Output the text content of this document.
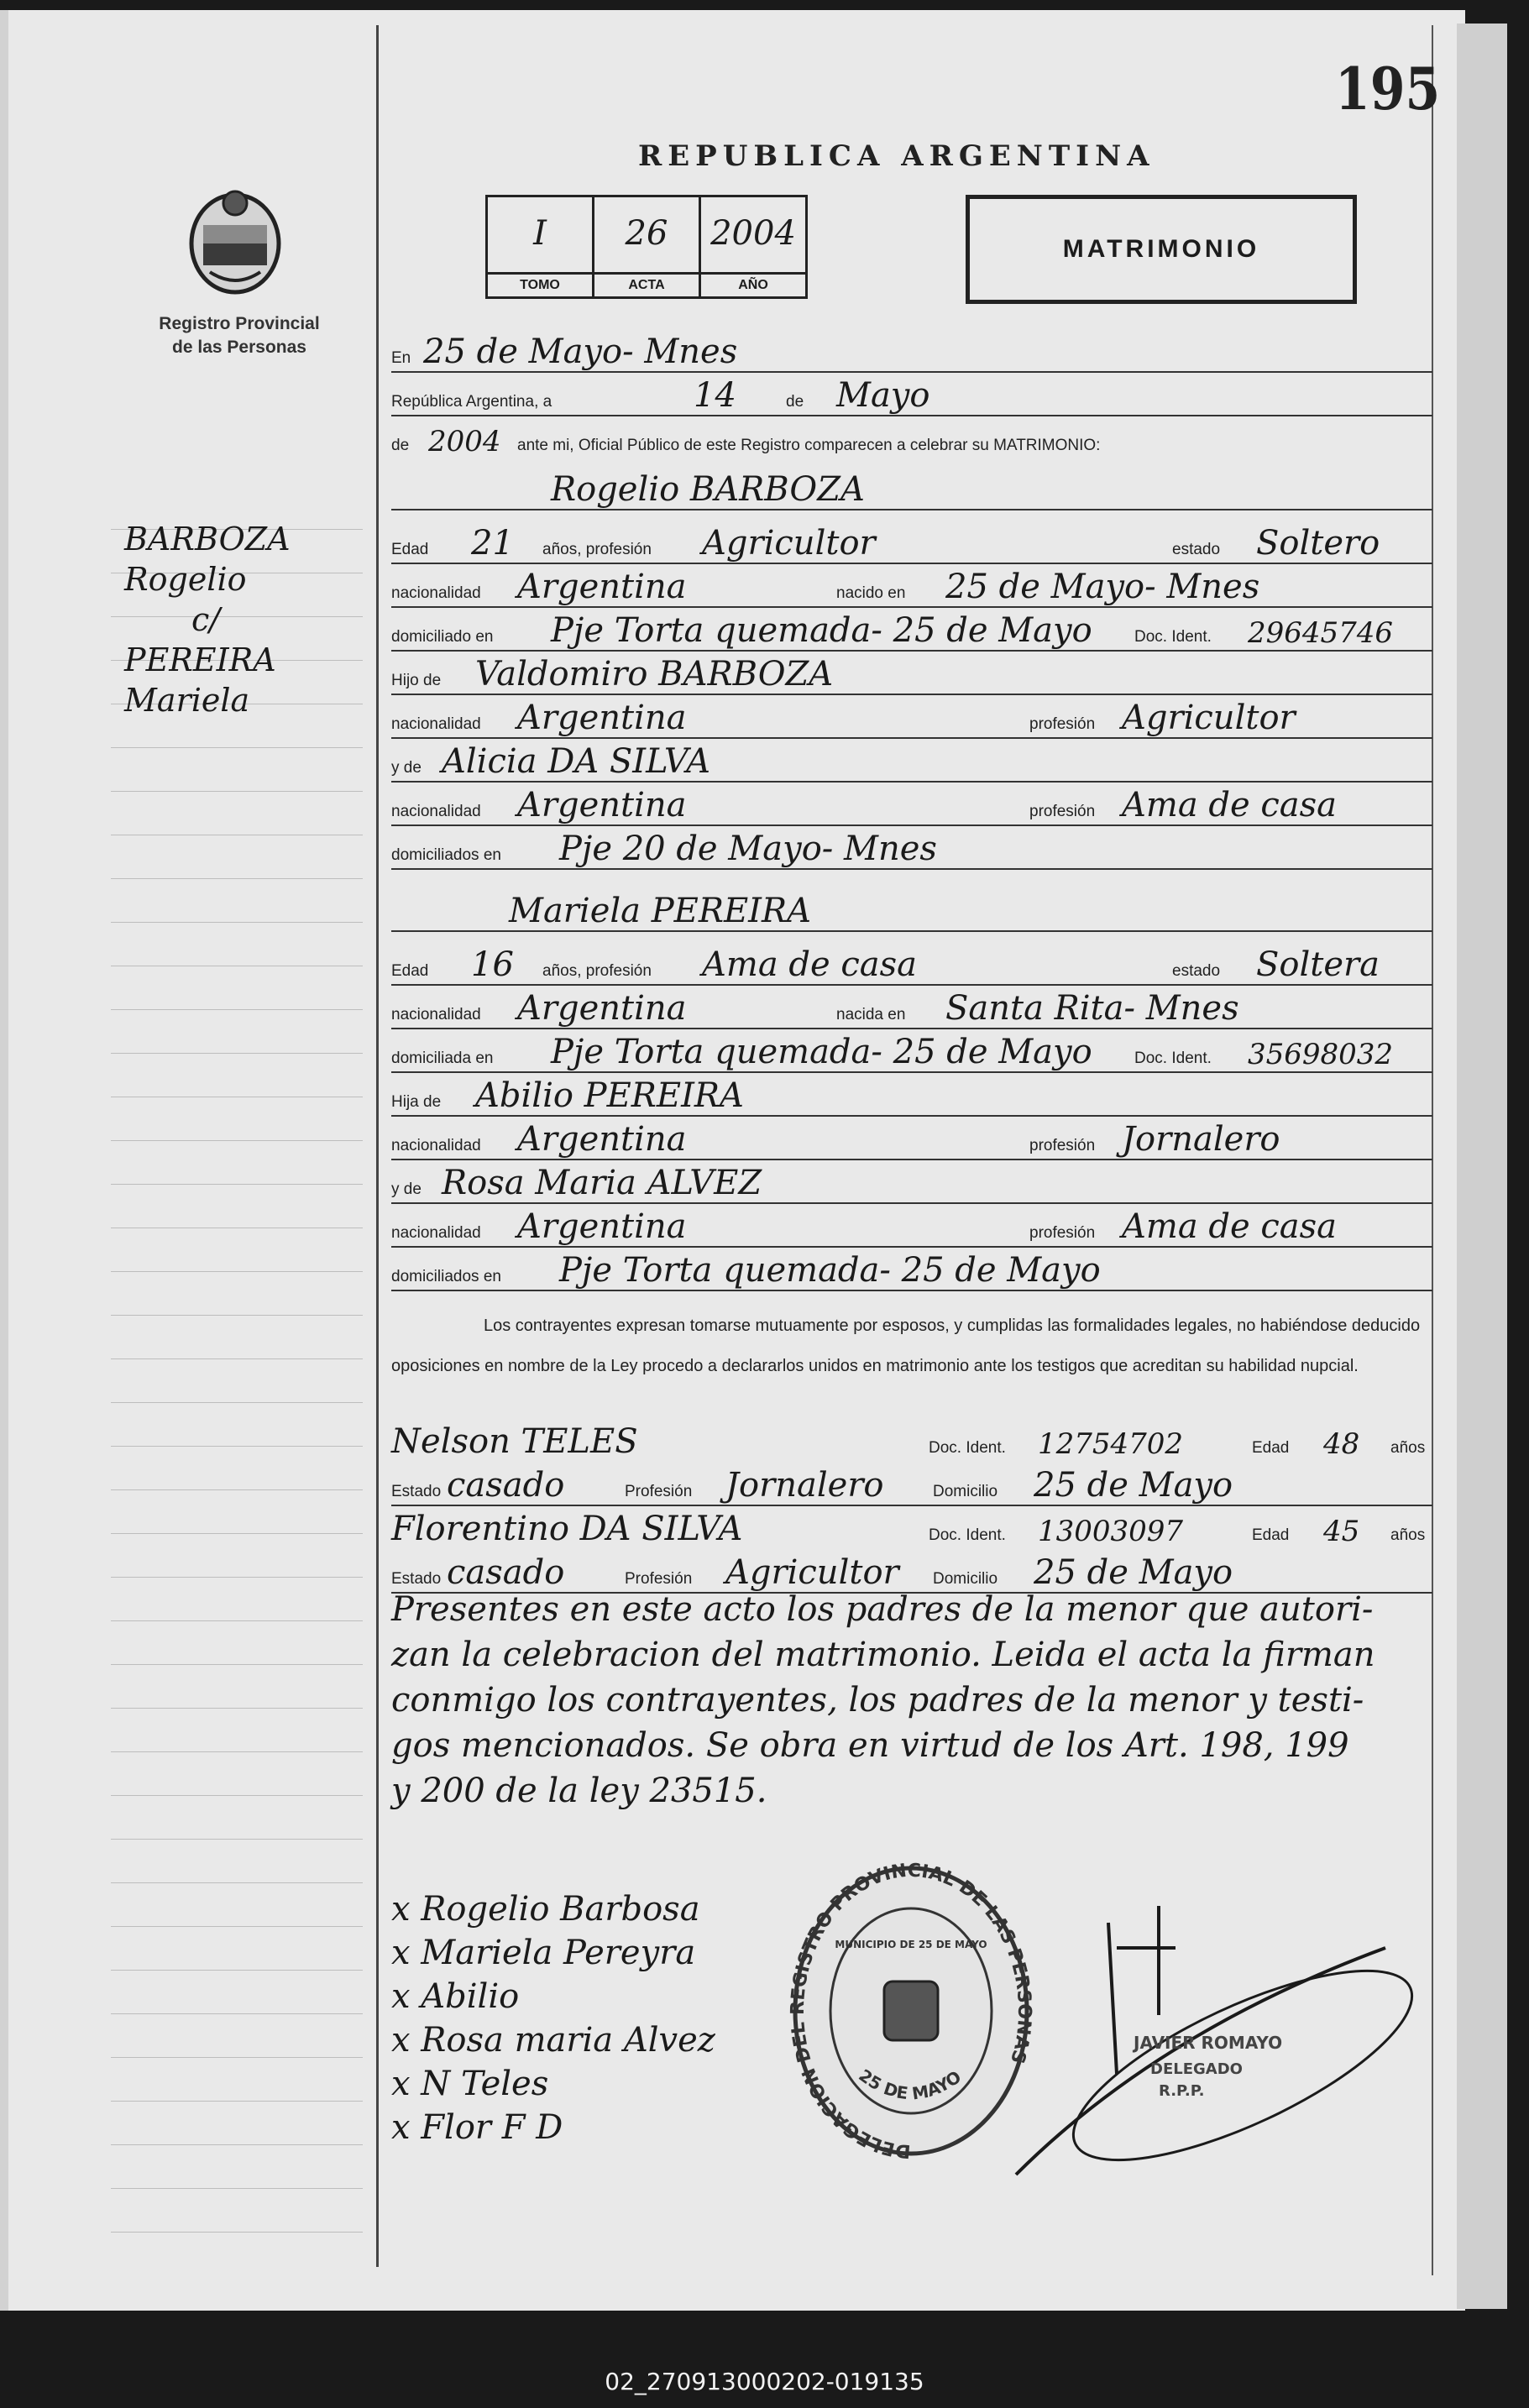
195
REPUBLICA ARGENTINA
Registro Provincial
de las Personas
I
TOMO
26
ACTA
2004
AÑO
MATRIMONIO
BARBOZA
Rogelio
c/
PEREIRA
Mariela
En 25 de Mayo- Mnes
República Argentina, a	14	de Mayo
de 2004 ante mi, Oficial Público de este Registro comparecen a celebrar su MATRIMONIO:
Rogelio BARBOZA
Edad 21 años, profesión Agricultor	estado Soltero
nacionalidad Argentina	nacido en 25 de Mayo- Mnes
domiciliado en Pje Torta quemada- 25 de Mayo	Doc. Ident. 29645746
Hijo de Valdomiro BARBOZA
nacionalidad Argentina	profesión Agricultor
y de Alicia DA SILVA
nacionalidad Argentina	profesión Ama de casa
domiciliados en Pje 20 de Mayo- Mnes
Mariela PEREIRA
Edad 16 años, profesión Ama de casa	estado Soltera
nacionalidad Argentina	nacida en Santa Rita- Mnes
domiciliada en Pje Torta quemada- 25 de Mayo	Doc. Ident. 35698032
Hija de Abilio PEREIRA
nacionalidad Argentina	profesión Jornalero
y de Rosa Maria ALVEZ
nacionalidad Argentina	profesión Ama de casa
domiciliados en Pje Torta quemada- 25 de Mayo
Los contrayentes expresan tomarse mutuamente por esposos, y cumplidas las formalidades legales, no habiéndose deducido oposiciones en nombre de la Ley procedo a declararlos unidos en matrimonio ante los testigos que acreditan su habilidad nupcial.
Nelson TELES	Doc. Ident. 12754702	Edad 48 años
Estado casado	Profesión Jornalero	Domicilio 25 de Mayo
Florentino DA SILVA	Doc. Ident. 13003097	Edad 45 años
Estado casado	Profesión Agricultor Domicilio 25 de Mayo
Presentes en este acto los padres de la menor que autori-
zan la celebracion del matrimonio. Leida el acta la firman
conmigo los contrayentes, los padres de la menor y testi-
gos mencionados. Se obra en virtud de los Art. 198, 199
y 200 de la ley 23515.
x Rogelio Barbosa
x Mariela Pereyra
x Abilio
x Rosa maria Alvez
x N Teles
x Flor F D
DELEGACION DEL REGISTRO PROVINCIAL DE LAS PERSONAS
MUNICIPIO DE 25 DE MAYO
25 DE MAYO
JAVIER ROMAYO
DELEGADO
R.P.P.
02_270913000202-019135
